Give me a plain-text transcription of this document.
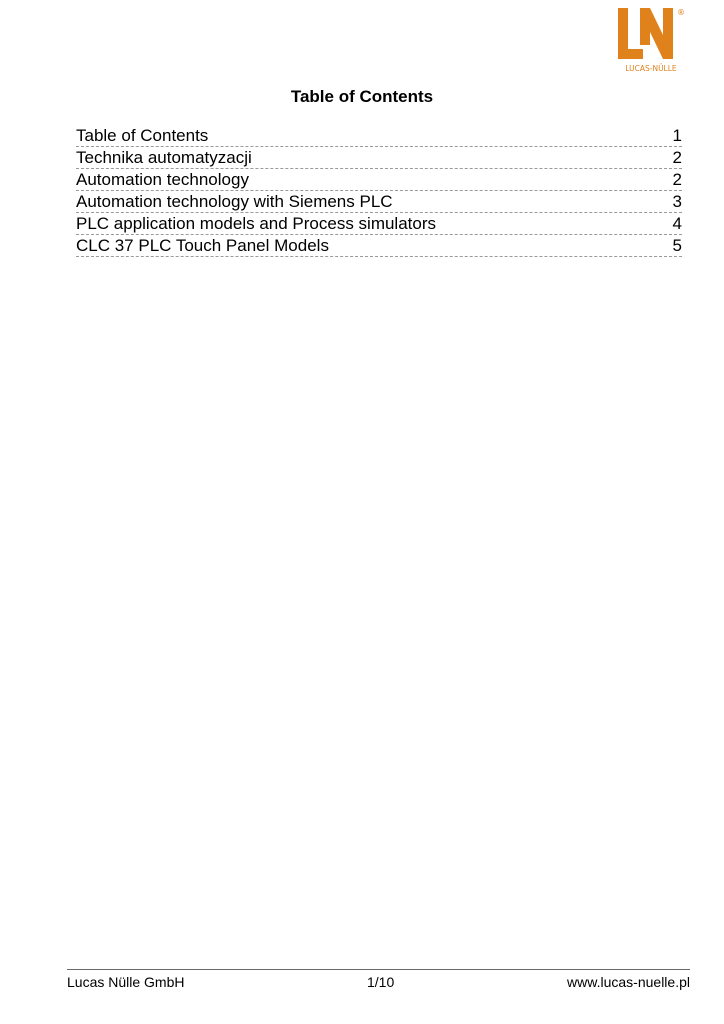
®
LUCAS-NÜLLE
Table of Contents
Table of Contents	1
Technika automatyzacji	2
Automation technology	2
Automation technology with Siemens PLC	3
PLC application models and Process simulators	4
CLC 37 PLC Touch Panel Models	5
Lucas Nülle GmbH	1/10	www.lucas-nuelle.pl
